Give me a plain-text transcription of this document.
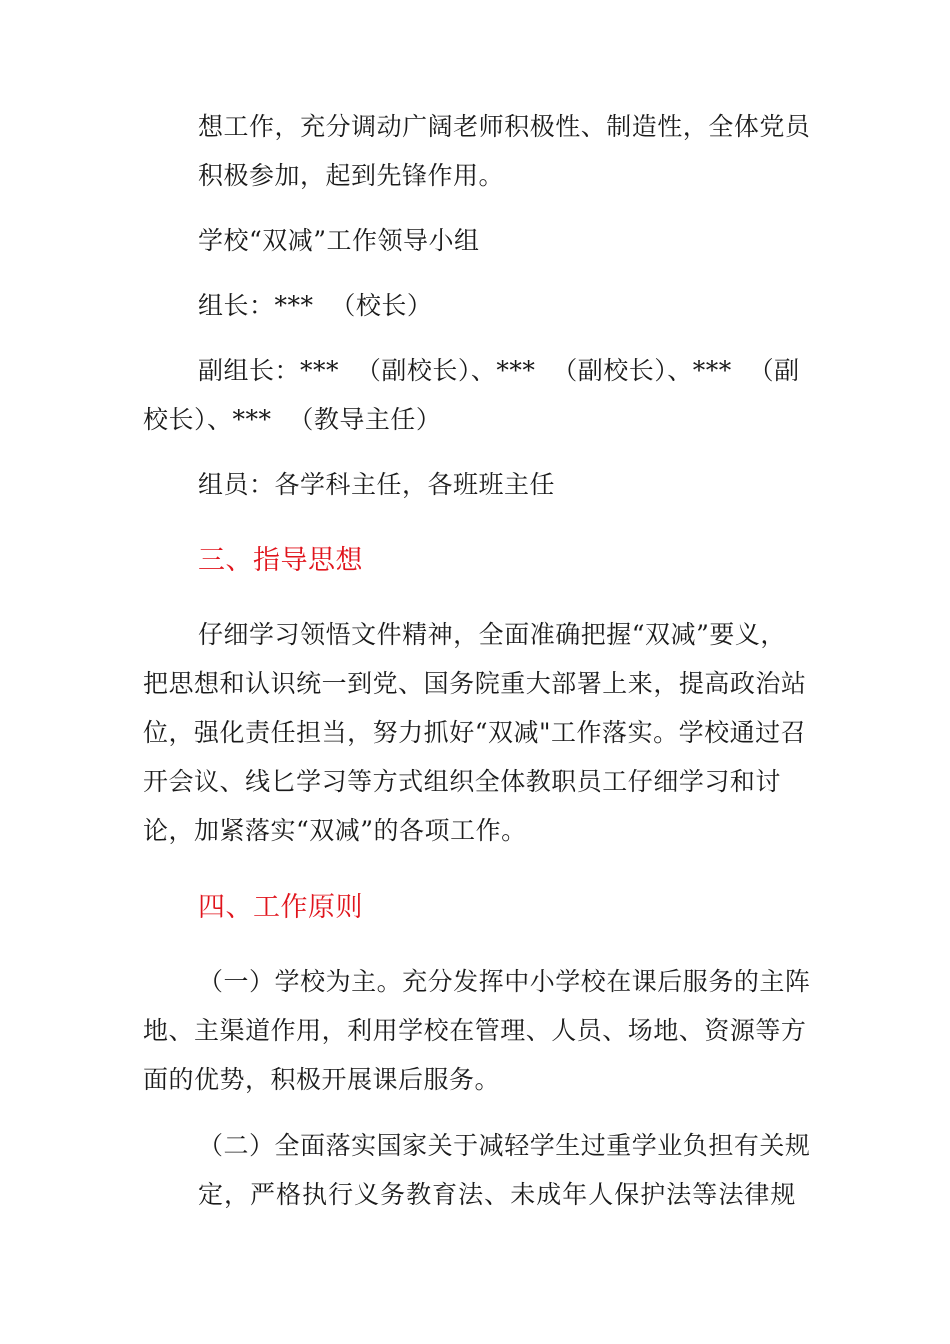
想 工 作 ， 充 分 调 动 广 阔 老 师 积 极 性 、 制 造 性 ， 全 体 党 员
积极参加，起到先锋作用。
学校“双减”工作领导小组
组长：***  （校长）
副组长：***  （副校长）、***  （副校长）、***  （副
校长）、***  （教导主任）
组员：各学科主任，各班班主任
三、指导思想
仔 细 学 习 领 悟 文 件 精 神 ， 全 面 准 确 把 握 “ 双 减 ” 要 义 ，
把 思 想 和 认 识 统 一 到 党 、 国 务 院 重 大 部 署 上 来 ， 提 高 政 治 站
位 ， 强 化 责 任 担 当 ， 努 力 抓 好 “ 双 减 " 工 作 落 实 。 学 校 通 过 召
开 会 议 、 线 匕 学 习 等 方 式 组 织 全 体 教 职 员 工 仔 细 学 习 和 讨
论，加紧落实“双减”的各项工作。
四、工作原则
（ 一 ） 学 校 为 主 。 充 分 发 挥 中 小 学 校 在 课 后 服 务 的 主 阵
地 、 主 渠 道 作 用 ， 利 用 学 校 在 管 理 、 人 员 、 场 地 、 资 源 等 方
面的优势，积极开展课后服务。
（ 二 ） 全 面 落 实 国 家 关 于 减 轻 学 生 过 重 学 业 负 担 有 关 规
定 ， 严 格 执 行 义 务 教 育 法 、 未 成 年 人 保 护 法 等 法 律 规
